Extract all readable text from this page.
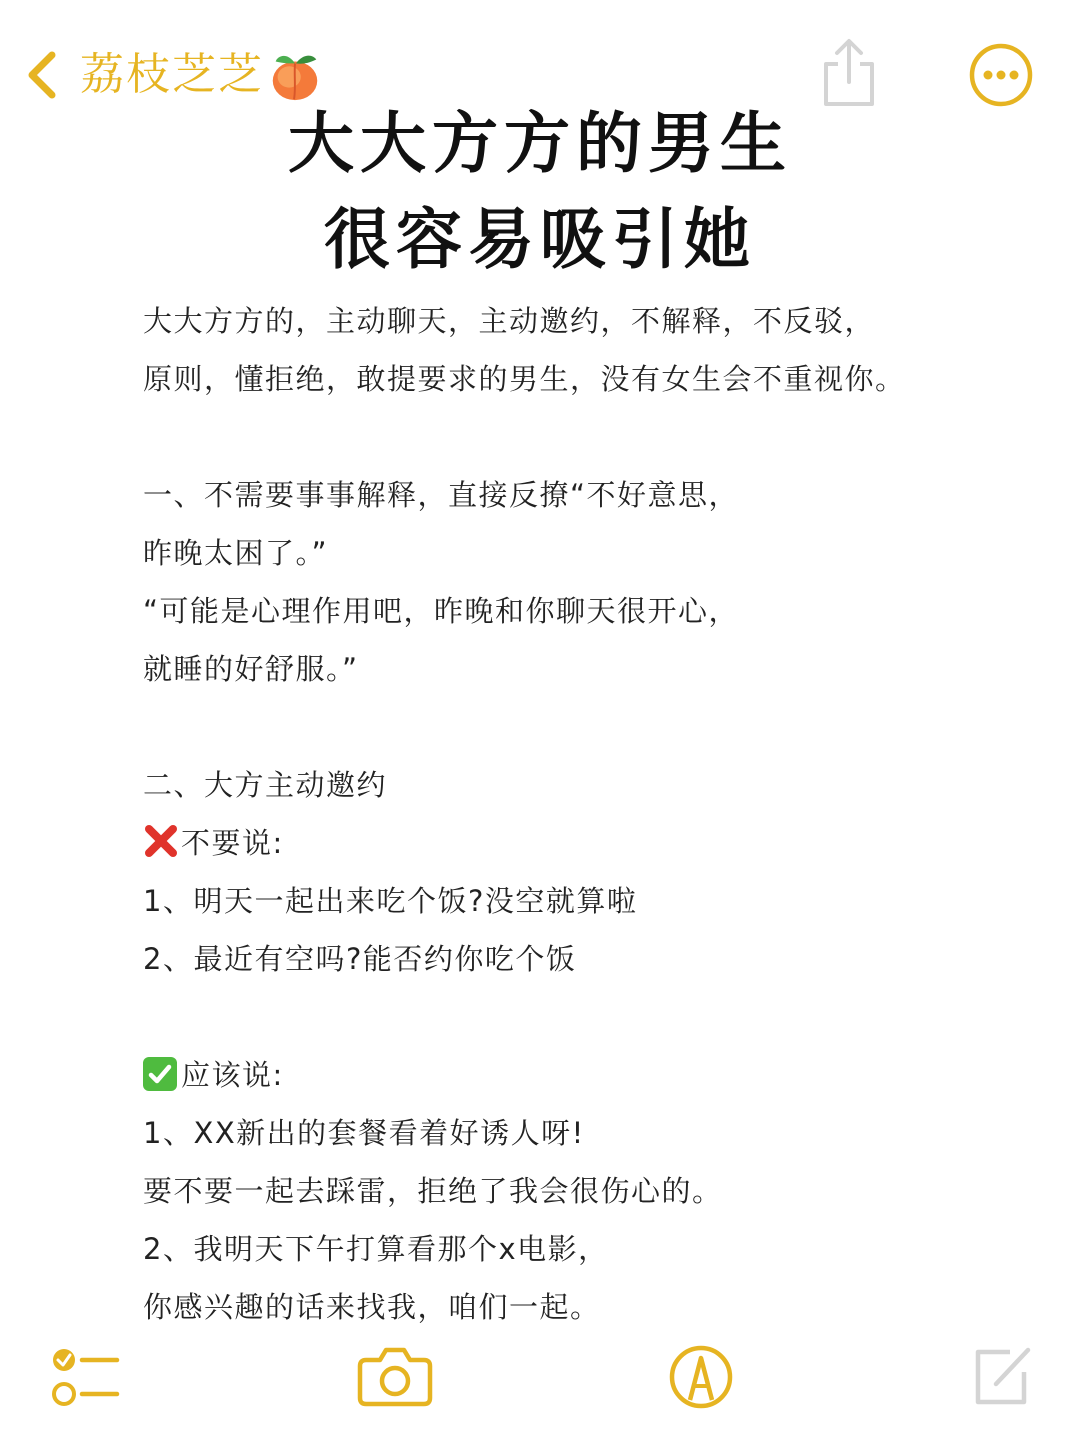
荔枝芝芝
大大方方的男生
很容易吸引她
大大方方的，主动聊天，主动邀约，不解释，不反驳，
原则，懂拒绝，敢提要求的男生，没有女生会不重视你。
一、不需要事事解释，直接反撩“不好意思，
昨晚太困了。”
“可能是心理作用吧，昨晚和你聊天很开心，
就睡的好舒服。”
二、大方主动邀约
不要说:
1、明天一起出来吃个饭?没空就算啦
2、最近有空吗?能否约你吃个饭
应该说:
1、XX新出的套餐看着好诱人呀!
要不要一起去踩雷，拒绝了我会很伤心的。
2、我明天下午打算看那个x电影，
你感兴趣的话来找我，咱们一起。
